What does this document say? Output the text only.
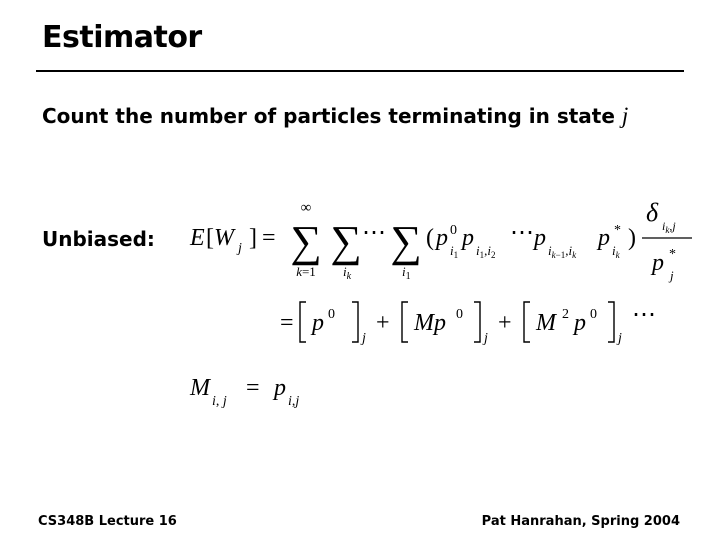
Estimator
Count the number of particles terminating in state j
Unbiased: E [ W j ] =
∞
∑
k=1
∑
$i_k$
⋯ ∑
$i_1$
( p 0
$i_1$
p $i_1,i_2$
⋯ p $i_k-1,i_k$
p *
$i_k$
)
δ $i_k,j$
p *
j
= p 0
j
+ Mp 0
j
+ M 2 p 0
j
⋯
M
i, j
= p
i,j
CS348B Lecture 16	Pat Hanrahan, Spring 2004
